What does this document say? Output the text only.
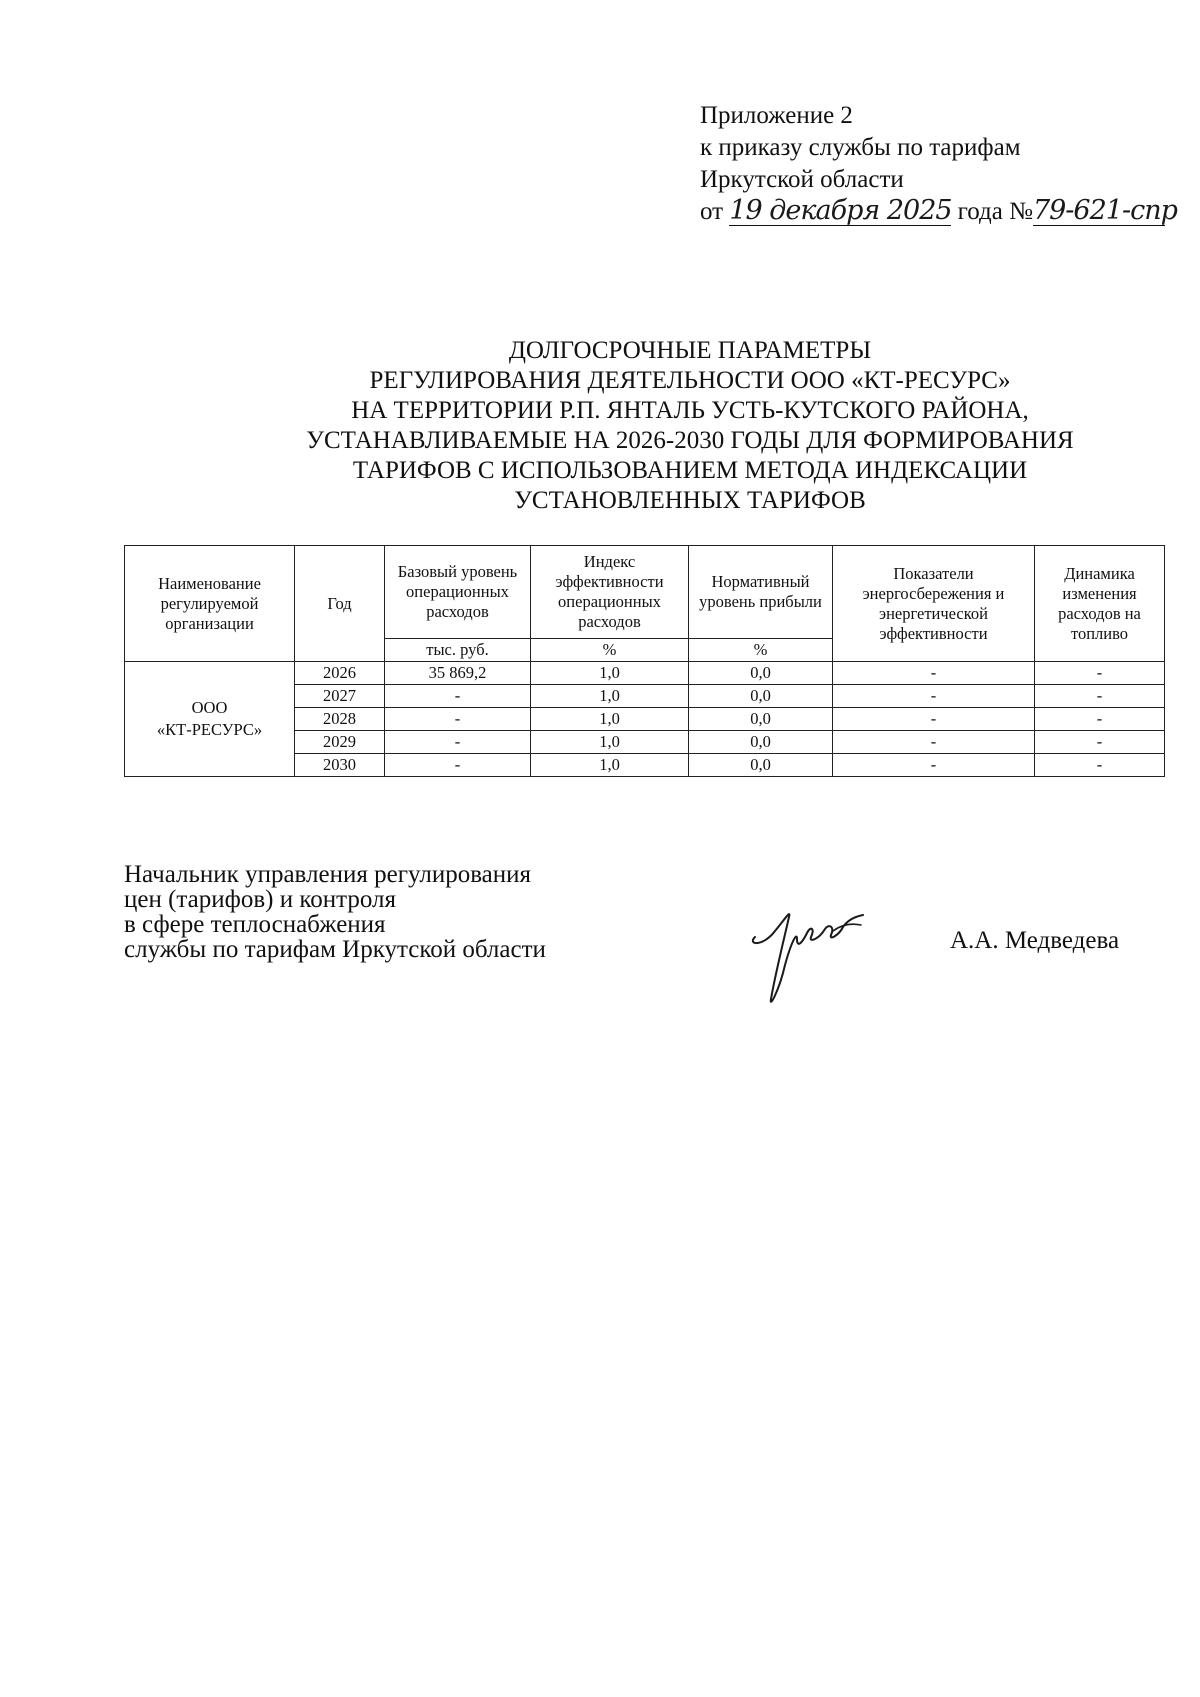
Приложение 2
к приказу службы по тарифам
Иркутской области
от 19 декабря 2025 года №79-621-спр
ДОЛГОСРОЧНЫЕ ПАРАМЕТРЫ
РЕГУЛИРОВАНИЯ ДЕЯТЕЛЬНОСТИ ООО «КТ-РЕСУРС»
НА ТЕРРИТОРИИ Р.П. ЯНТАЛЬ УСТЬ-КУТСКОГО РАЙОНА,
УСТАНАВЛИВАЕМЫЕ НА 2026-2030 ГОДЫ ДЛЯ ФОРМИРОВАНИЯ
ТАРИФОВ С ИСПОЛЬЗОВАНИЕМ МЕТОДА ИНДЕКСАЦИИ
УСТАНОВЛЕННЫХ ТАРИФОВ
Наименование регулируемой организации	Год	Базовый уровень операционных расходов	Индекс эффективности операционных расходов	Нормативный уровень прибыли	Показатели энергосбережения и энергетической эффективности	Динамика изменения расходов на топливо
		тыс. руб.	%	%		

ООО
«КТ-РЕСУРС»	2026	35 869,2	1,0	0,0	-	-
	2027	-	1,0	0,0	-	-
	2028	-	1,0	0,0	-	-
	2029	-	1,0	0,0	-	-
	2030	-	1,0	0,0	-	-
Начальник управления регулирования
цен (тарифов) и контроля
в сфере теплоснабжения
службы по тарифам Иркутской области	А.А. Медведева
